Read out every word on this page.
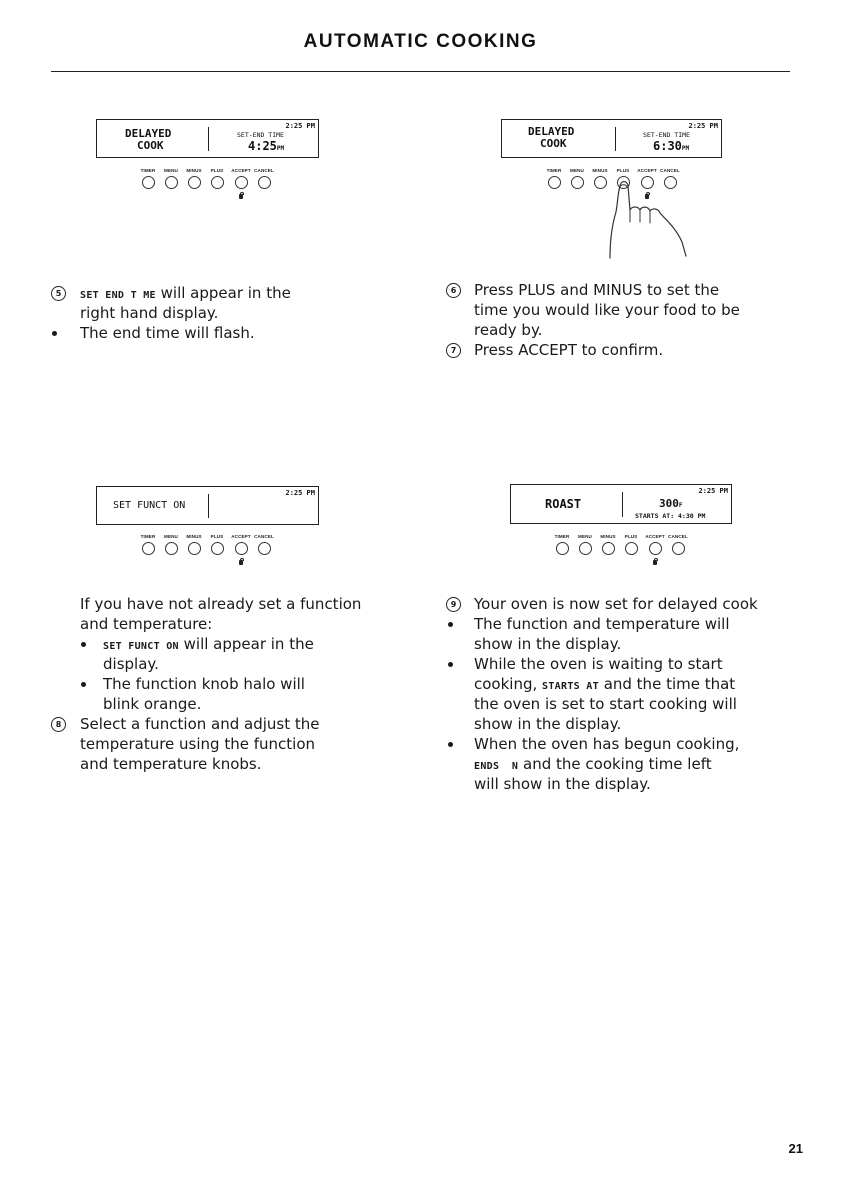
AUTOMATIC COOKING
2:25 PM
DELAYED
COOK
SET-END TIME
4:25PM
TIMER	MENU	MINUS	PLUS	ACCEPT CANCEL
2:25 PM
DELAYED
COOK
SET-END TIME
6:30PM
TIMER	MENU	MINUS	PLUS	ACCEPT CANCEL
2:25 PM
SET FUNCT ON
TIMER	MENU	MINUS	PLUS	ACCEPT CANCEL
2:25 PM
ROAST	300F
STARTS AT: 4:30 PM
TIMER	MENU	MINUS	PLUS	ACCEPT CANCEL
5	SET END T ME will appear in the
right hand display.
The end time will flash.
6	Press PLUS and MINUS to set the
time you would like your food to be
ready by.
7	Press ACCEPT to confirm.
If you have not already set a function
and temperature:
SET FUNCT ON will appear in the
display.
The function knob halo will
blink orange.
8	Select a function and adjust the
temperature using the function
and temperature knobs.
9	Your oven is now set for delayed cook
The function and temperature will
show in the display.
While the oven is waiting to start
cooking, STARTS AT and the time that
the oven is set to start cooking will
show in the display.
When the oven has begun cooking,
ENDS  N and the cooking time left
will show in the display.
21
